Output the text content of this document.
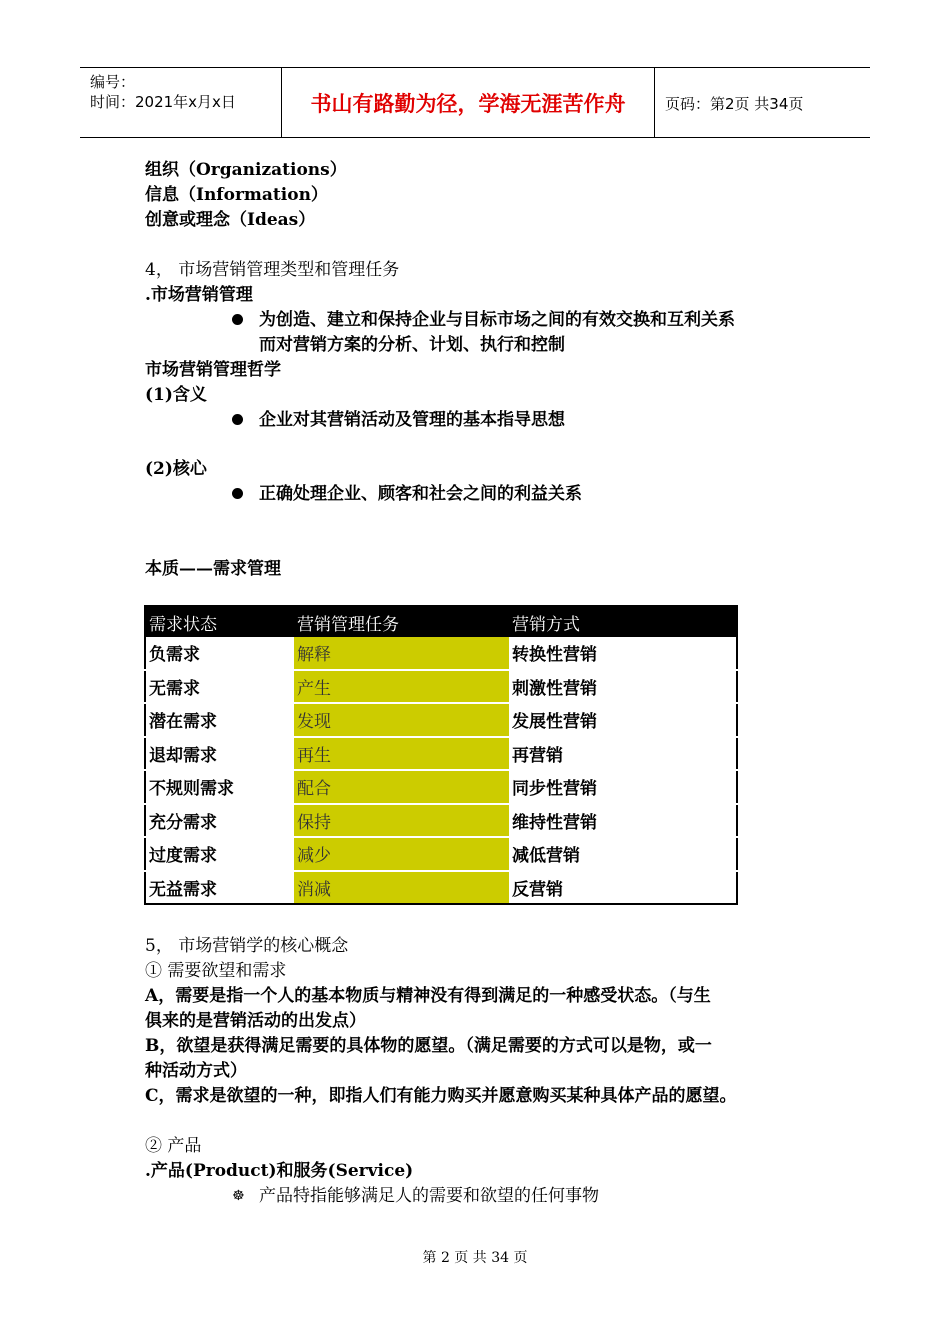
编号：
时间：2021年x月x日	书山有路勤为径，学海无涯苦作舟	页码：第2页 共34页
组织（Organizations）
信息（Information）
创意或理念（Ideas）
4， 市场营销管理类型和管理任务
.市场营销管理
为创造、建立和保持企业与目标市场之间的有效交换和互利关系
而对营销方案的分析、计划、执行和控制
市场营销管理哲学
(1)含义
企业对其营销活动及管理的基本指导思想
(2)核心
正确处理企业、顾客和社会之间的利益关系
本质——需求管理
需求状态	营销管理任务	营销方式
负需求	解释	转换性营销
无需求	产生	刺激性营销
潜在需求	发现	发展性营销
退却需求	再生	再营销
不规则需求	配合	同步性营销
充分需求	保持	维持性营销
过度需求	减少	减低营销
无益需求	消减	反营销
5， 市场营销学的核心概念
① 需要欲望和需求
A，需要是指一个人的基本物质与精神没有得到满足的一种感受状态。（与生
俱来的是营销活动的出发点）
B，欲望是获得满足需要的具体物的愿望。（满足需要的方式可以是物，或一
种活动方式）
C，需求是欲望的一种，即指人们有能力购买并愿意购买某种具体产品的愿望。
② 产品
.产品(Product)和服务(Service)
☸ 产品特指能够满足人的需要和欲望的任何事物
第 2 页 共 34 页
